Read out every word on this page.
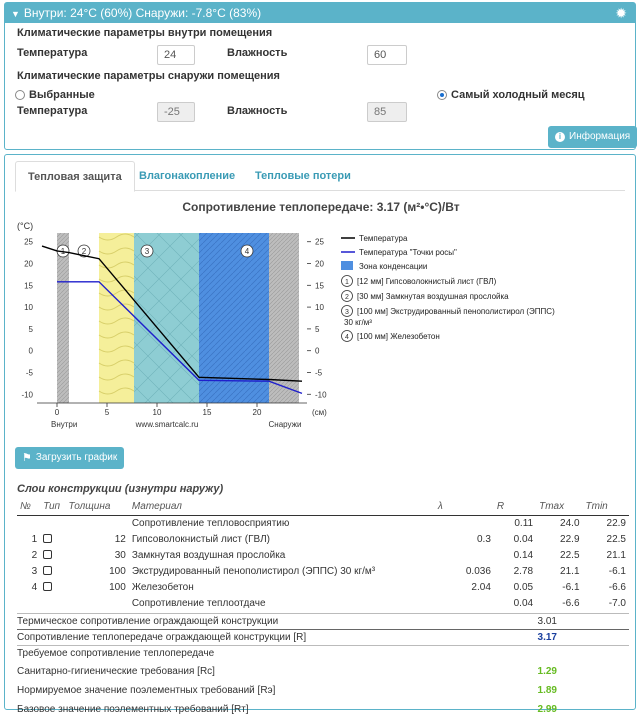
▼ Внутри: 24°C (60%) Снаружи: -7.8°C (83%)	✹
Климатические параметры внутри помещения
Температура
24	Влажность
60
Климатические параметры снаружи помещения
Выбранные	Самый холодный месяц
Температура
-25	Влажность
85
i Информация
Тепловая защита	Влагонакопление	Тепловые потери
Сопротивление теплопередаче: 3.17 (м²•°С)/Вт
1 2	3	4
(°С)
25	25
20	20
15	15
10	10
5	5
0	0
-5	-5
-10	-10
0	5	10	15	20	(см)
Внутри	www.smartcalc.ru	Снаружи
Температура
Температура "Точки росы"
Зона конденсации
1 [12 мм] Гипсоволокнистый лист (ГВЛ)
2 [30 мм] Замкнутая воздушная прослойка
3	[100 мм] Экструдированный пенополистирол (ЭППС) 30 кг/м³
4 [100 мм] Железобетон
⚑ Загрузить график
Слои конструкции (изнутри наружу)
№	Тип	Толщина	Материал	λ	R	Tmax	Tmin
			Сопротивление тепловосприятию		0.11	24.0	22.9
1		12	Гипсоволокнистый лист (ГВЛ)	0.3	0.04	22.9	22.5
2		30	Замкнутая воздушная прослойка		0.14	22.5	21.1
3		100	Экструдированный пенополистирол (ЭППС) 30 кг/м³	0.036	2.78	21.1	-6.1
4		100	Железобетон	2.04	0.05	-6.1	-6.6
			Сопротивление теплоотдаче		0.04	-6.6	-7.0
Термическое сопротивление ограждающей конструкции	3.01
Сопротивление теплопередаче ограждающей конструкции [R]	3.17
Требуемое сопротивление теплопередаче
Санитарно-гигиенические требования [Rс]	1.29
Нормируемое значение поэлементных требований [Rэ]	1.89
Базовое значение поэлементных требований [Rт]	2.99
